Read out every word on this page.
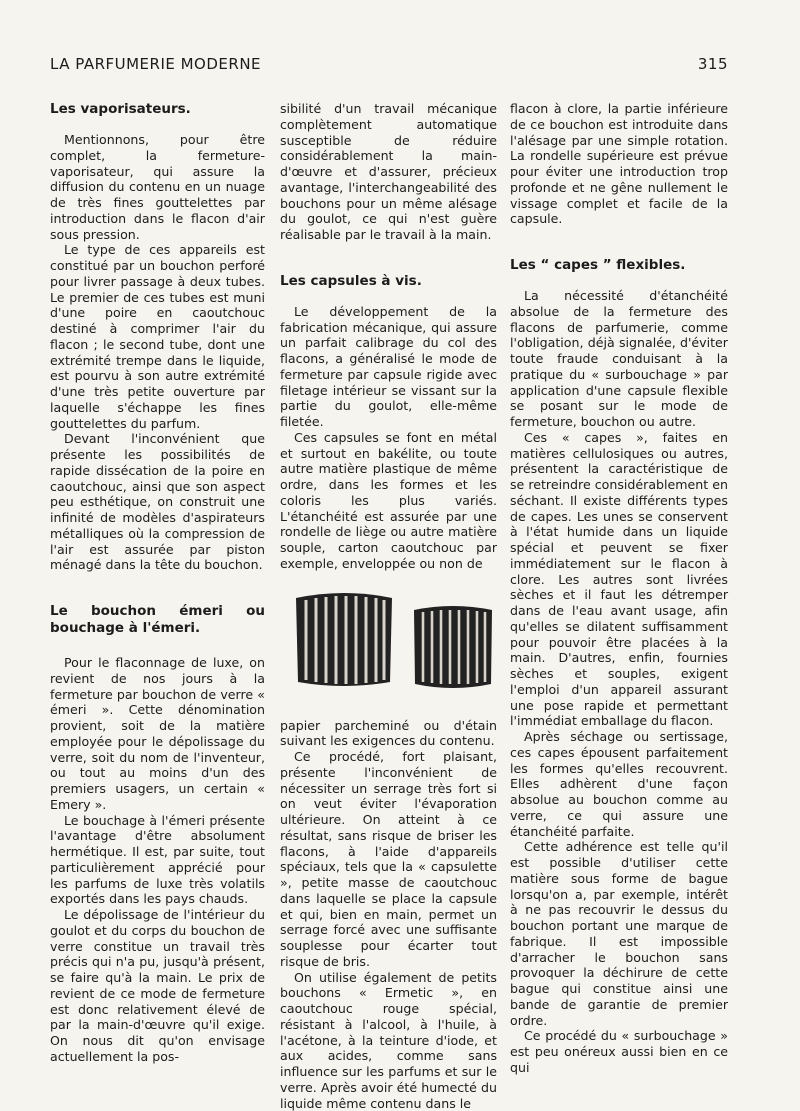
LA PARFUMERIE MODERNE	315
Les vaporisateurs.

Mentionnons, pour être complet, la fermeture-vaporisateur, qui assure la diffusion du contenu en un nuage de très fines gouttelettes par introduction dans le flacon d'air sous pression.

Le type de ces appareils est constitué par un bouchon perforé pour livrer passage à deux tubes. Le premier de ces tubes est muni d'une poire en caoutchouc destiné à comprimer l'air du flacon ; le second tube, dont une extrémité trempe dans le liquide, est pourvu à son autre extrémité d'une très petite ouverture par laquelle s'échappe les fines gouttelettes du parfum.

Devant l'inconvénient que présente les possibilités de rapide dissécation de la poire en caoutchouc, ainsi que son aspect peu esthétique, on construit une infinité de modèles d'aspirateurs métalliques où la compression de l'air est assurée par piston ménagé dans la tête du bouchon.

Le bouchon émeri ou bouchage à l'émeri.

Pour le flaconnage de luxe, on revient de nos jours à la fermeture par bouchon de verre « émeri ». Cette dénomination provient, soit de la matière employée pour le dépolissage du verre, soit du nom de l'inventeur, ou tout au moins d'un des premiers usagers, un certain « Emery ».

Le bouchage à l'émeri présente l'avantage d'être absolument hermétique. Il est, par suite, tout particulièrement apprécié pour les parfums de luxe très volatils exportés dans les pays chauds.

Le dépolissage de l'intérieur du goulot et du corps du bouchon de verre constitue un travail très précis qui n'a pu, jusqu'à présent, se faire qu'à la main. Le prix de revient de ce mode de fermeture est donc relativement élevé de par la main-d'œuvre qu'il exige. On nous dit qu'on envisage actuellement la pos-

sibilité d'un travail mécanique complètement automatique susceptible de réduire considérablement la main-d'œuvre et d'assurer, précieux avantage, l'interchangeabilité des bouchons pour un même alésage du goulot, ce qui n'est guère réalisable par le travail à la main.

Les capsules à vis.

Le développement de la fabrication mécanique, qui assure un parfait calibrage du col des flacons, a généralisé le mode de fermeture par capsule rigide avec filetage intérieur se vissant sur la partie du goulot, elle-même filetée.

Ces capsules se font en métal et surtout en bakélite, ou toute autre matière plastique de même ordre, dans les formes et les coloris les plus variés. L'étanchéité est assurée par une rondelle de liège ou autre matière souple, carton caoutchouc par exemple, enveloppée ou non de

papier parcheminé ou d'étain suivant les exigences du contenu.

Ce procédé, fort plaisant, présente l'inconvénient de nécessiter un serrage très fort si on veut éviter l'évaporation ultérieure. On atteint à ce résultat, sans risque de briser les flacons, à l'aide d'appareils spéciaux, tels que la « capsulette », petite masse de caoutchouc dans laquelle se place la capsule et qui, bien en main, permet un serrage forcé avec une suffisante souplesse pour écarter tout risque de bris.

On utilise également de petits bouchons « Ermetic », en caoutchouc rouge spécial, résistant à l'alcool, à l'huile, à l'acétone, à la teinture d'iode, et aux acides, comme sans influence sur les parfums et sur le verre. Après avoir été humecté du liquide même contenu dans le

flacon à clore, la partie inférieure de ce bouchon est introduite dans l'alésage par une simple rotation. La rondelle supérieure est prévue pour éviter une introduction trop profonde et ne gêne nullement le vissage complet et facile de la capsule.

Les “ capes ” flexibles.

La nécessité d'étanchéité absolue de la fermeture des flacons de parfumerie, comme l'obligation, déjà signalée, d'éviter toute fraude conduisant à la pratique du « surbouchage » par application d'une capsule flexible se posant sur le mode de fermeture, bouchon ou autre.

Ces « capes », faites en matières cellulosiques ou autres, présentent la caractéristique de se retreindre considérablement en séchant. Il existe différents types de capes. Les unes se conservent à l'état humide dans un liquide spécial et peuvent se fixer immédiatement sur le flacon à clore. Les autres sont livrées sèches et il faut les détremper dans de l'eau avant usage, afin qu'elles se dilatent suffisamment pour pouvoir être placées à la main. D'autres, enfin, fournies sèches et souples, exigent l'emploi d'un appareil assurant une pose rapide et permettant l'immédiat emballage du flacon.

Après séchage ou sertissage, ces capes épousent parfaitement les formes qu'elles recouvrent. Elles adhèrent d'une façon absolue au bouchon comme au verre, ce qui assure une étanchéité parfaite.

Cette adhérence est telle qu'il est possible d'utiliser cette matière sous forme de bague lorsqu'on a, par exemple, intérêt à ne pas recouvrir le dessus du bouchon portant une marque de fabrique. Il est impossible d'arracher le bouchon sans provoquer la déchirure de cette bague qui constitue ainsi une bande de garantie de premier ordre.

Ce procédé du « surbouchage » est peu onéreux aussi bien en ce qui
